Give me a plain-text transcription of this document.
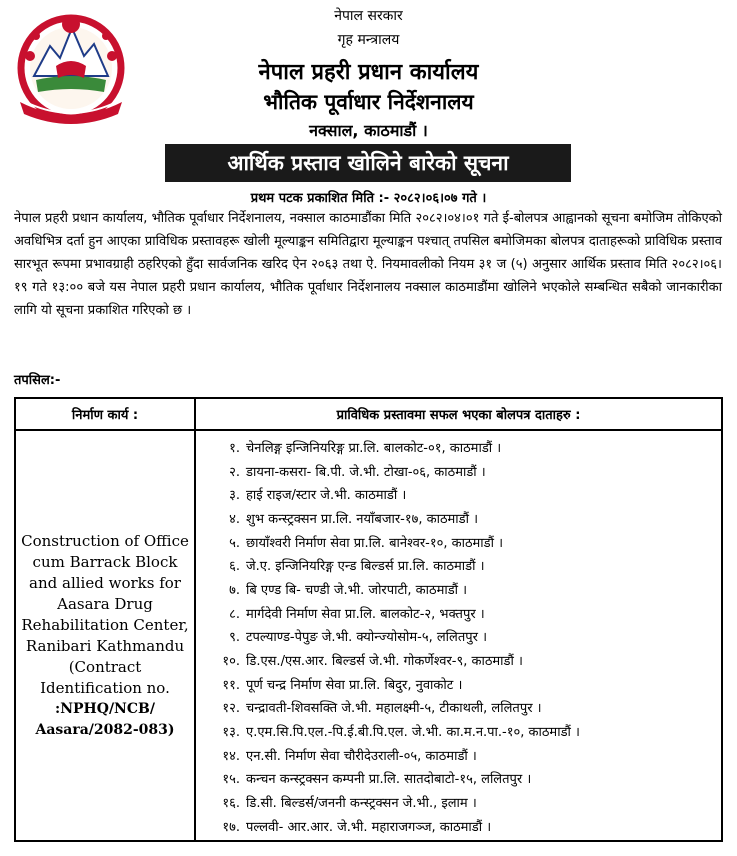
नेपाल सरकार
गृह मन्त्रालय
नेपाल प्रहरी प्रधान कार्यालय
भौतिक पूर्वाधार निर्देशनालय
नक्साल, काठमाडौं ।
आर्थिक प्रस्ताव खोलिने बारेको सूचना
प्रथम पटक प्रकाशित मिति :- २०८२।०६।०७ गते ।
नेपाल प्रहरी प्रधान कार्यालय, भौतिक पूर्वाधार निर्देशनालय, नक्साल काठमाडौंका मिति २०८२।०४।०१ गते ई-बोलपत्र आह्वानको सूचना बमोजिम तोकिएको अवधिभित्र दर्ता हुन आएका प्राविधिक प्रस्तावहरू खोली मूल्याङ्कन समितिद्वारा मूल्याङ्कन पश्चात् तपसिल बमोजिमका बोलपत्र दाताहरूको प्राविधिक प्रस्ताव सारभूत रूपमा प्रभावग्राही ठहरिएको हुँदा सार्वजनिक खरिद ऐन २०६३ तथा ऐ. नियमावलीको नियम ३१ ज (५) अनुसार आर्थिक प्रस्ताव मिति २०८२।०६।१९ गते १३:०० बजे यस नेपाल प्रहरी प्रधान कार्यालय, भौतिक पूर्वाधार निर्देशनालय नक्साल काठमाडौंमा खोलिने भएकोले सम्बन्धित सबैको जानकारीका लागि यो सूचना प्रकाशित गरिएको छ ।
तपसिल:-
निर्माण कार्य :	प्राविधिक प्रस्तावमा सफल भएका बोलपत्र दाताहरु :
Construction of Office cum Barrack Block and allied works for Aasara Drug Rehabilitation Center, Ranibari Kathmandu (Contract Identification no.
:NPHQ/NCB/ Aasara/2082-083)
१. चेनलिङ्ग इन्जिनियरिङ्ग प्रा.लि. बालकोट-०१, काठमाडौं ।
२. डायना-कसरा- बि.पी. जे.भी. टोखा-०६, काठमाडौं ।
३. हाई राइज/स्टार जे.भी. काठमाडौं ।
४. शुभ कन्स्ट्रक्सन प्रा.लि. नयाँबजार-१७, काठमाडौं ।
५. छायाँश्वरी निर्माण सेवा प्रा.लि. बानेश्वर-१०, काठमाडौं ।
६. जे.ए. इन्जिनियरिङ्ग एन्ड बिल्डर्स प्रा.लि. काठमाडौं ।
७. बि एण्ड बि- चण्डी जे.भी. जोरपाटी, काठमाडौं ।
८. मार्गदेवी निर्माण सेवा प्रा.लि. बालकोट-२, भक्तपुर ।
९. टपल्याण्ड-पेपुङ जे.भी. क्योन्ज्योसोम-५, ललितपुर ।
१०. डि.एस./एस.आर. बिल्डर्स जे.भी. गोकर्णेश्वर-९, काठमाडौं ।
११. पूर्ण चन्द्र निर्माण सेवा प्रा.लि. बिदुर, नुवाकोट ।
१२. चन्द्रावती-शिवसक्ति जे.भी. महालक्ष्मी-५, टीकाथली, ललितपुर ।
१३. ए.एम.सि.पि.एल.-पि.ई.बी.पि.एल. जे.भी. का.म.न.पा.-१०, काठमाडौं ।
१४. एन.सी. निर्माण सेवा चौरीदेउराली-०५, काठमाडौं ।
१५. कन्चन कन्स्ट्रक्सन कम्पनी प्रा.लि. सातदोबाटो-१५, ललितपुर ।
१६. डि.सी. बिल्डर्स/जननी कन्स्ट्रक्सन जे.भी., इलाम ।
१७. पल्लवी- आर.आर. जे.भी. महाराजगञ्ज, काठमाडौं ।
